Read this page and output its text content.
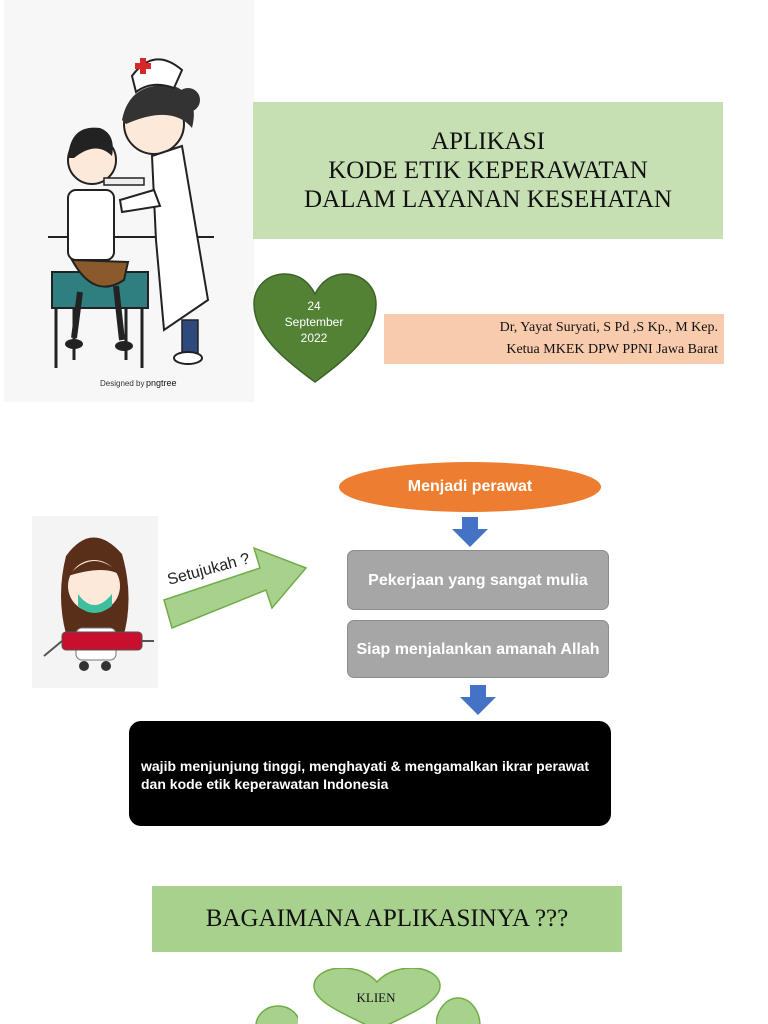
Designed by pngtree
APLIKASI
KODE ETIK KEPERAWATAN
DALAM LAYANAN KESEHATAN
24
September
2022
Dr, Yayat Suryati, S Pd ,S Kp., M Kep.
Ketua MKEK DPW PPNI Jawa Barat
Setujukah ?
Menjadi perawat
Pekerjaan yang sangat mulia
Siap menjalankan amanah Allah
wajib menjunjung tinggi, menghayati & mengamalkan ikrar perawat dan kode etik keperawatan Indonesia
BAGAIMANA APLIKASINYA ???
KLIEN
